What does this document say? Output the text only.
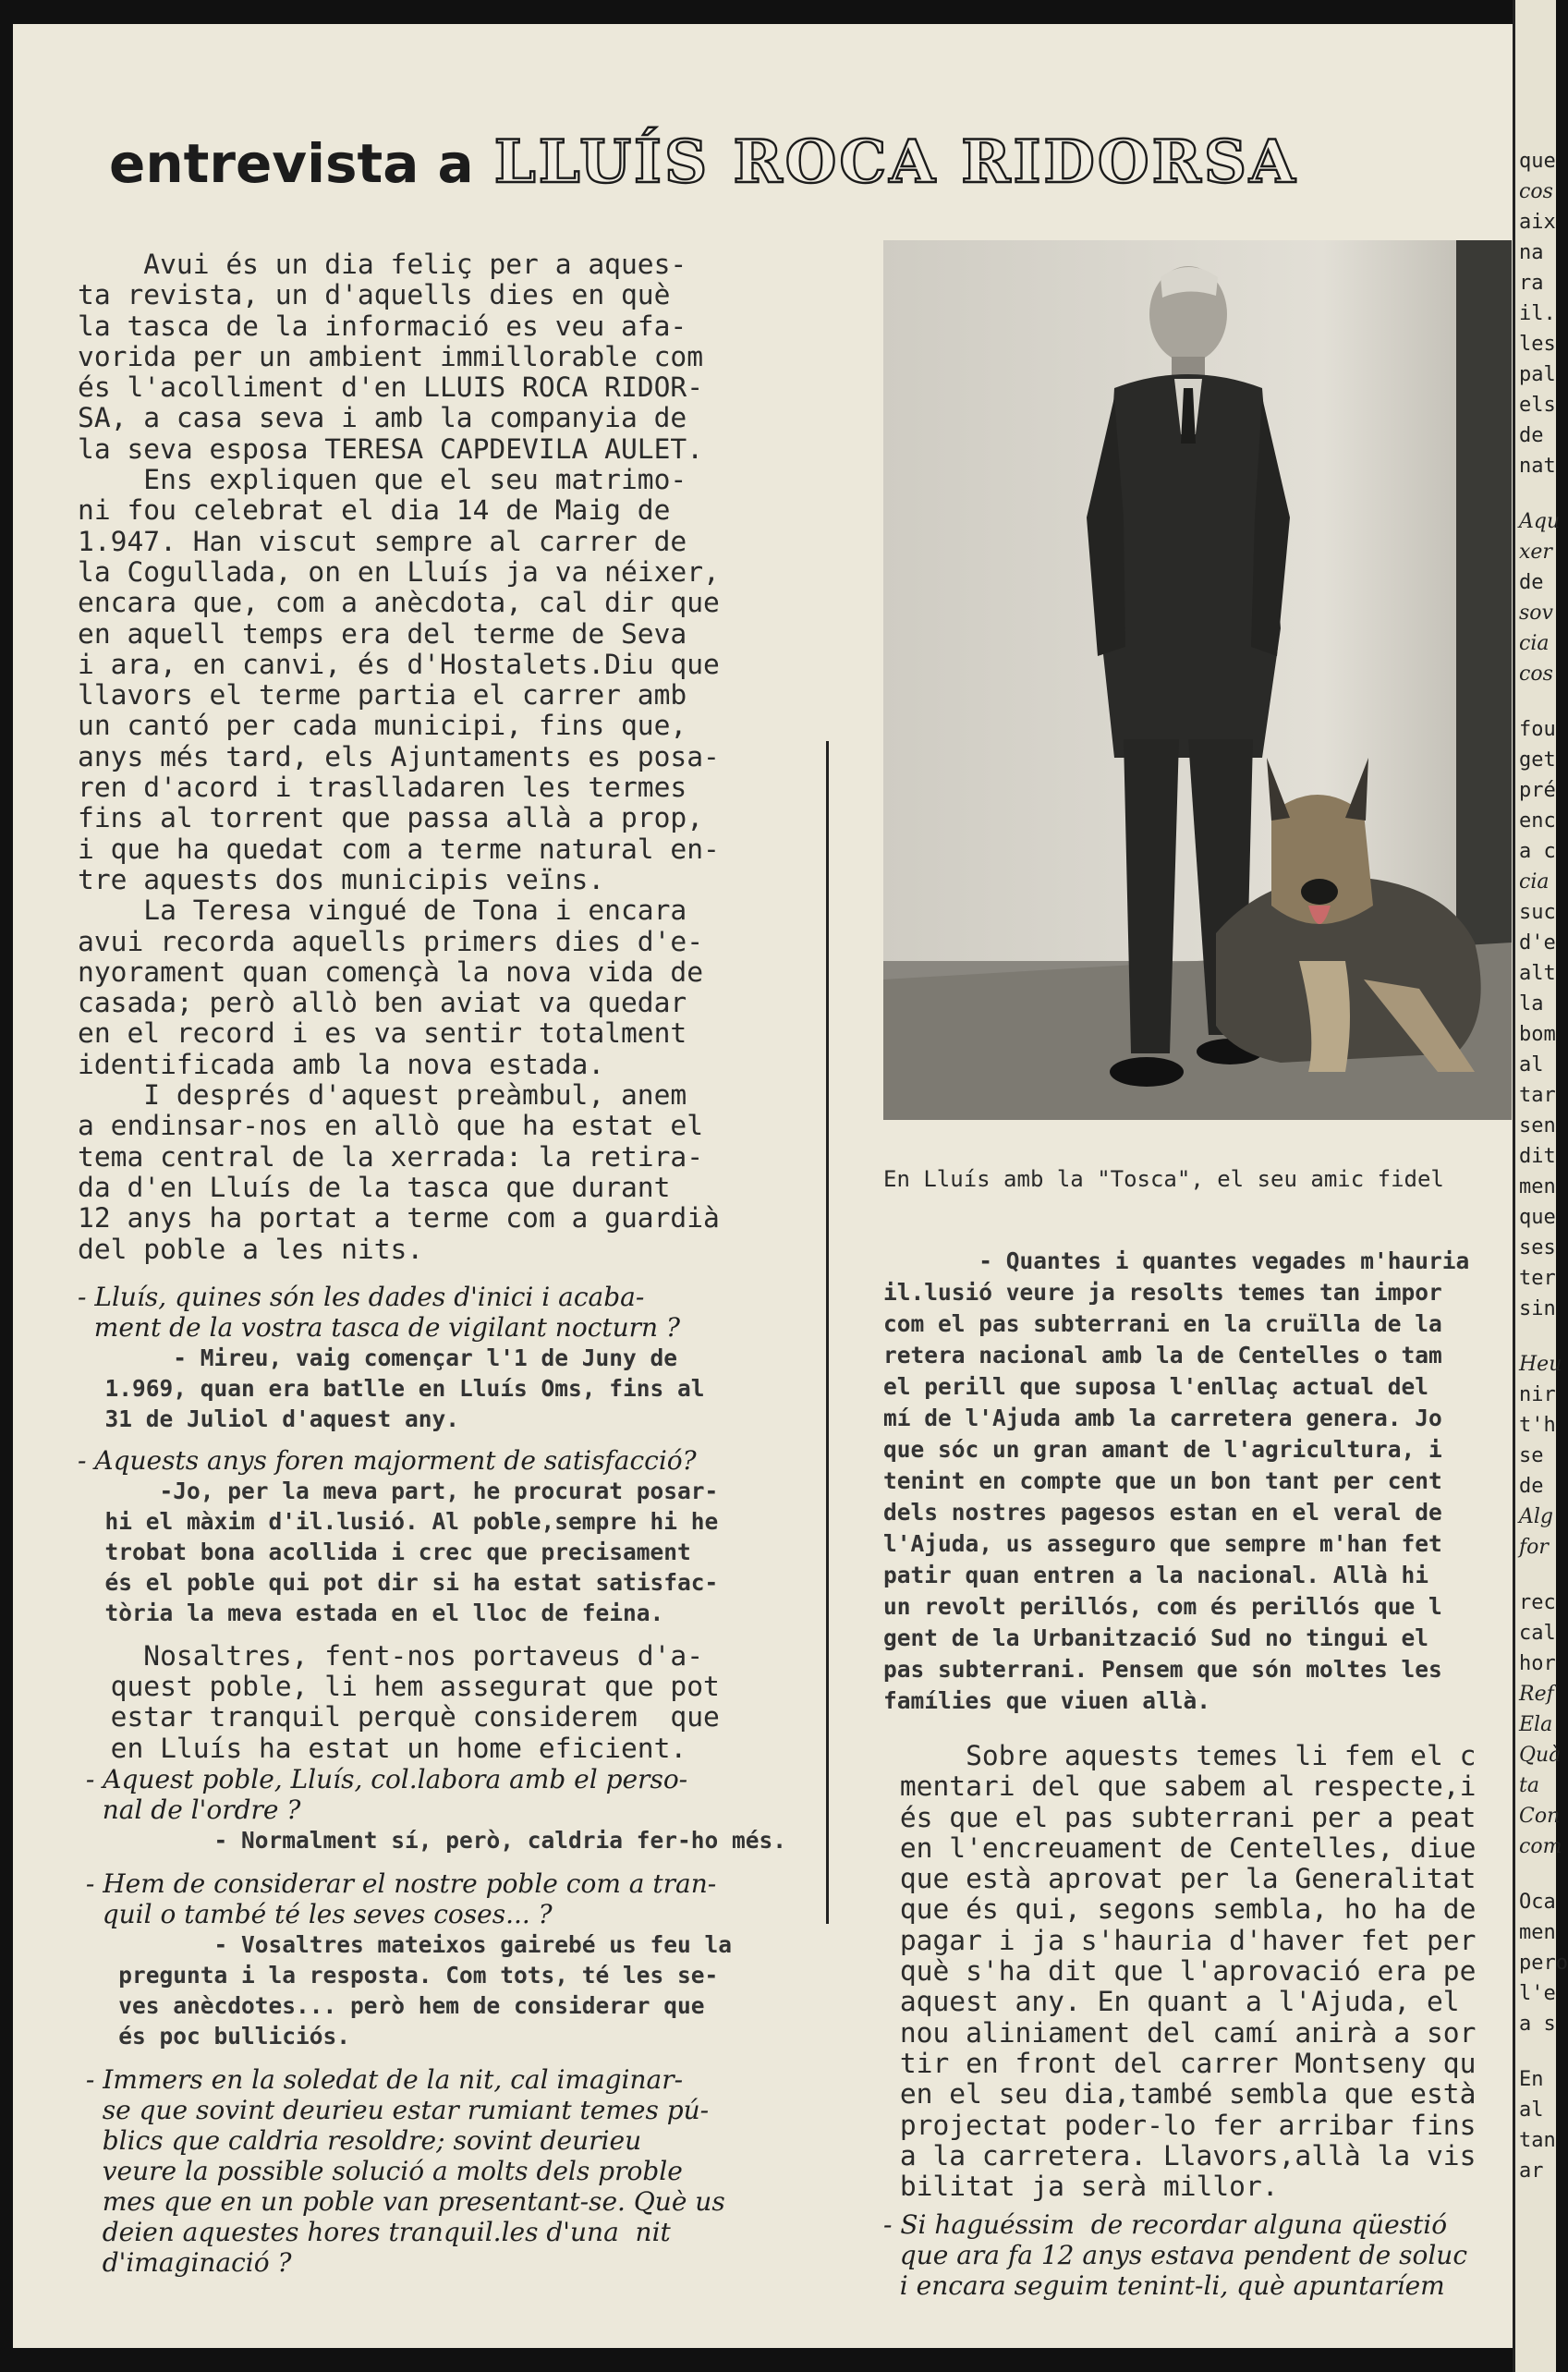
entrevista a LLUÍS ROCA RIDORSA
Avui és un dia feliç per a aques-
ta revista, un d'aquells dies en què
la tasca de la informació es veu afa-
vorida per un ambient immillorable com
és l'acolliment d'en LLUIS ROCA RIDOR-
SA, a casa seva i amb la companyia de
la seva esposa TERESA CAPDEVILA AULET.
Ens expliquen que el seu matrimo-
ni fou celebrat el dia 14 de Maig de
1.947. Han viscut sempre al carrer de
la Cogullada, on en Lluís ja va néixer,
encara que, com a anècdota, cal dir que
en aquell temps era del terme de Seva
i ara, en canvi, és d'Hostalets.Diu que
llavors el terme partia el carrer amb
un cantó per cada municipi, fins que,
anys més tard, els Ajuntaments es posa-
ren d'acord i traslladaren les termes
fins al torrent que passa allà a prop,
i que ha quedat com a terme natural en-
tre aquests dos municipis veïns.
La Teresa vingué de Tona i encara
avui recorda aquells primers dies d'e-
nyorament quan començà la nova vida de
casada; però allò ben aviat va quedar
en el record i es va sentir totalment
identificada amb la nova estada.
I després d'aquest preàmbul, anem
a endinsar-nos en allò que ha estat el
tema central de la xerrada: la retira-
da d'en Lluís de la tasca que durant
12 anys ha portat a terme com a guardià
del poble a les nits.
- Lluís, quines són les dades d'inici i acaba-
ment de la vostra tasca de vigilant nocturn ?
- Mireu, vaig començar l'1 de Juny de
1.969, quan era batlle en Lluís Oms, fins al
31 de Juliol d'aquest any.
- Aquests anys foren majorment de satisfacció?
-Jo, per la meva part, he procurat posar-
hi el màxim d'il.lusió. Al poble,sempre hi he
trobat bona acollida i crec que precisament
és el poble qui pot dir si ha estat satisfac-
tòria la meva estada en el lloc de feina.
Nosaltres, fent-nos portaveus d'a-
quest poble, li hem assegurat que pot
estar tranquil perquè considerem  que
en Lluís ha estat un home eficient.
- Aquest poble, Lluís, col.labora amb el perso-
nal de l'ordre ?
- Normalment sí, però, caldria fer-ho més.
- Hem de considerar el nostre poble com a tran-
quil o també té les seves coses... ?
- Vosaltres mateixos gairebé us feu la
pregunta i la resposta. Com tots, té les se-
ves anècdotes... però hem de considerar que
és poc bulliciós.
- Immers en la soledat de la nit, cal imaginar-
se que sovint deurieu estar rumiant temes pú-
blics que caldria resoldre; sovint deurieu
veure la possible solució a molts dels proble
mes que en un poble van presentant-se. Què us
deien aquestes hores tranquil.les d'una  nit
d'imaginació ?
En Lluís amb la "Tosca", el seu amic fidel
- Quantes i quantes vegades m'hauria
il.lusió veure ja resolts temes tan impor
com el pas subterrani en la cruïlla de la
retera nacional amb la de Centelles o tam
el perill que suposa l'enllaç actual del
mí de l'Ajuda amb la carretera genera. Jo
que sóc un gran amant de l'agricultura, i
tenint en compte que un bon tant per cent
dels nostres pagesos estan en el veral de
l'Ajuda, us asseguro que sempre m'han fet
patir quan entren a la nacional. Allà hi
un revolt perillós, com és perillós que l
gent de la Urbanització Sud no tingui el
pas subterrani. Pensem que són moltes les
famílies que viuen allà.
Sobre aquests temes li fem el c
mentari del que sabem al respecte,i
és que el pas subterrani per a peat
en l'encreuament de Centelles, diue
que està aprovat per la Generalitat
que és qui, segons sembla, ho ha de
pagar i ja s'hauria d'haver fet per
què s'ha dit que l'aprovació era pe
aquest any. En quant a l'Ajuda, el
nou aliniament del camí anirà a sor
tir en front del carrer Montseny qu
en el seu dia,també sembla que està
projectat poder-lo fer arribar fins
a la carretera. Llavors,allà la vis
bilitat ja serà millor.
- Si haguéssim  de recordar alguna qüestió
que ara fa 12 anys estava pendent de soluc
i encara seguim tenint-li, què apuntaríem
que
cos
aix
na
ra
il.
les
pal
els
de
nat
Aqu
xer
de
sov
cia
cos
fou
get
pré
enc
a c
cia
suc
d'e
alt
la
bom
al
tar
sen
dit
men
que
ses
ter
sin
Heu
nir
t'h
se
de
Alg
for
rec
cal
hor
Ref
Ela
Quà
ta
Con
com
Oca
men
pero
l'e
a s
En
al
tan
ar
